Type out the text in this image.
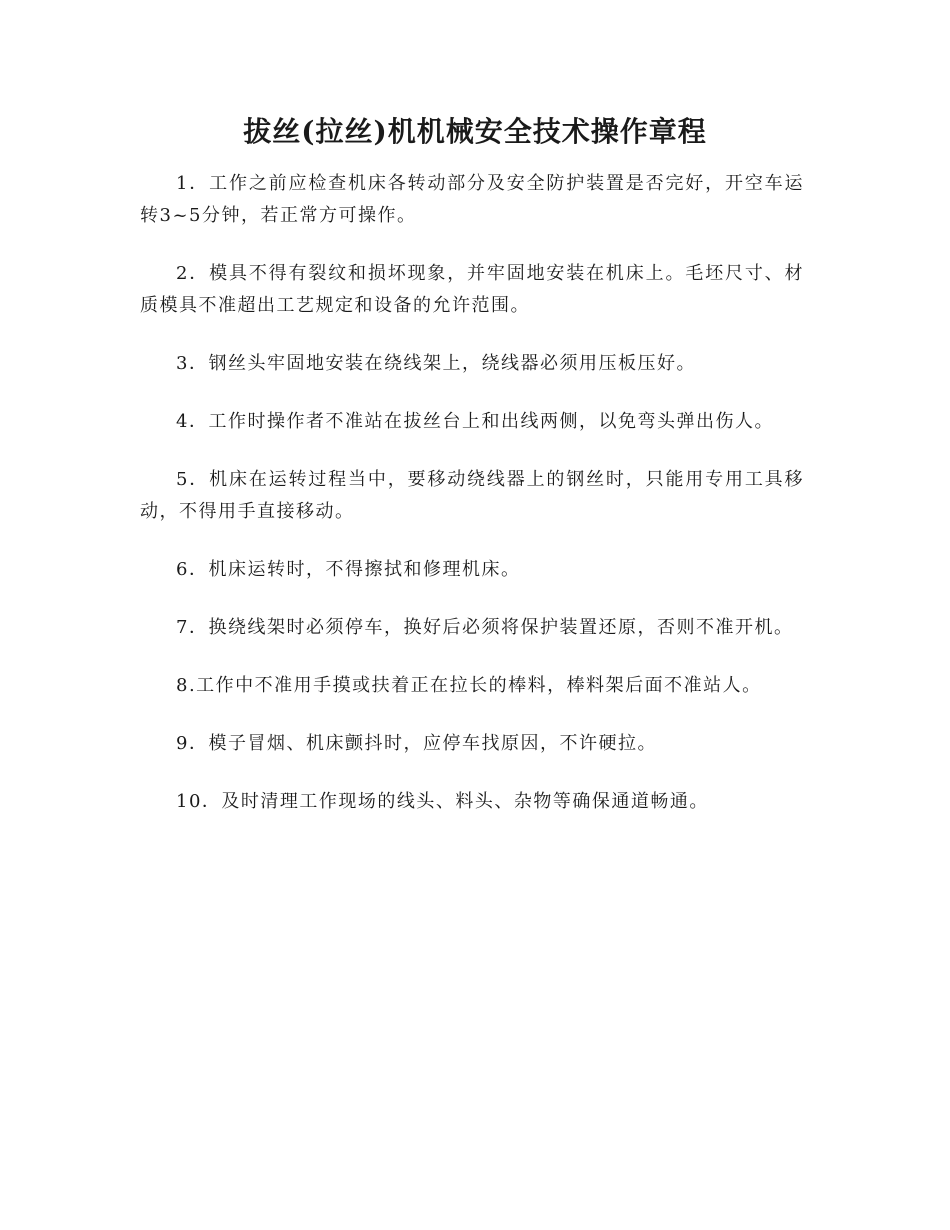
拔丝(拉丝)机机械安全技术操作章程

1．工作之前应检查机床各转动部分及安全防护装置是否完好，开空车运转3~5分钟，若正常方可操作。

2．模具不得有裂纹和损坏现象，并牢固地安装在机床上。毛坯尺寸、材质模具不准超出工艺规定和设备的允许范围。

3．钢丝头牢固地安装在绕线架上，绕线器必须用压板压好。

4．工作时操作者不准站在拔丝台上和出线两侧，以免弯头弹出伤人。

5．机床在运转过程当中，要移动绕线器上的钢丝时，只能用专用工具移动，不得用手直接移动。

6．机床运转时，不得擦拭和修理机床。

7．换绕线架时必须停车，换好后必须将保护装置还原，否则不准开机。

8.工作中不准用手摸或扶着正在拉长的棒料，棒料架后面不准站人。

9．模子冒烟、机床颤抖时，应停车找原因，不许硬拉。

10．及时清理工作现场的线头、料头、杂物等确保通道畅通。
